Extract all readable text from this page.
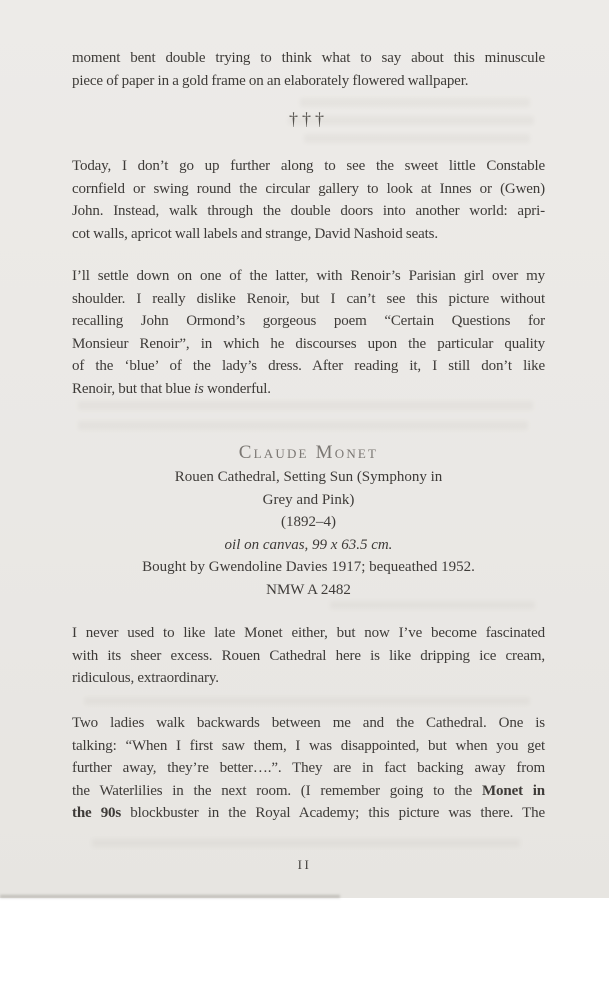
moment bent double trying to think what to say about this minuscule
piece of paper in a gold frame on an elaborately flowered wallpaper.
†††
Today, I don’t go up further along to see the sweet little Constable
cornfield or swing round the circular gallery to look at Innes or (Gwen)
John. Instead, walk through the double doors into another world: apri-
cot walls, apricot wall labels and strange, David Nashoid seats.
I’ll settle down on one of the latter, with Renoir’s Parisian girl over my
shoulder. I really dislike Renoir, but I can’t see this picture without
recalling John Ormond’s gorgeous poem “Certain Questions for
Monsieur Renoir”, in which he discourses upon the particular quality
of the ‘blue’ of the lady’s dress. After reading it, I still don’t like
Renoir, but that blue is wonderful.
Claude Monet
Rouen Cathedral, Setting Sun (Symphony in
Grey and Pink)
(1892–4)
oil on canvas, 99 x 63.5 cm.
Bought by Gwendoline Davies 1917; bequeathed 1952.
NMW A 2482
I never used to like late Monet either, but now I’ve become fascinated
with its sheer excess. Rouen Cathedral here is like dripping ice cream,
ridiculous, extraordinary.
Two ladies walk backwards between me and the Cathedral. One is
talking: “When I first saw them, I was disappointed, but when you get
further away, they’re better….”. They are in fact backing away from
the Waterlilies in the next room. (I remember going to the Monet in
the 90s blockbuster in the Royal Academy; this picture was there. The
II
